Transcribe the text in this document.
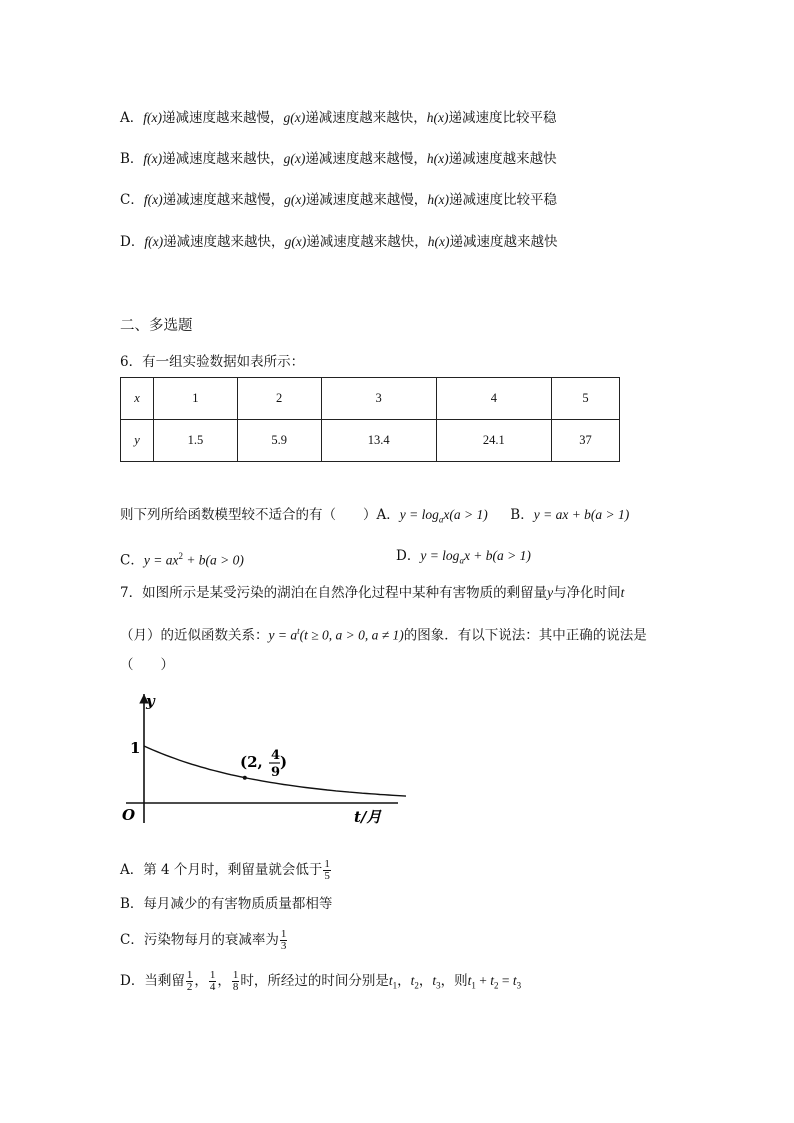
A．f(x)递减速度越来越慢，g(x)递减速度越来越快，h(x)递减速度比较平稳
B．f(x)递减速度越来越快，g(x)递减速度越来越慢，h(x)递减速度越来越快
C．f(x)递减速度越来越慢，g(x)递减速度越来越慢，h(x)递减速度比较平稳
D．f(x)递减速度越来越快，g(x)递减速度越来越快，h(x)递减速度越来越快
二、多选题
6．有一组实验数据如表所示：
x	1	2	3	4	5
y	1.5	5.9	13.4	24.1	37
则下列所给函数模型较不适合的有（　　）A．$y = \log_ax(a > 1)$ B．y = ax + b(a > 1)
C．$y = ax^2 + b(a > 0)$	D．$y = \log_ax + b(a > 1)$
7．如图所示是某受污染的湖泊在自然净化过程中某种有害物质的剩留量y与净化时间t
（月）的近似函数关系：$y = a^t(t \ge 0$, a > 0, a ≠ 1)的图象．有以下说法：其中正确的说法是
（　　）
y
1
O	t/月
(2, 4
9
)
A．第 4 个月时，剩留量就会低于 $\frac{1}{5}$
B．每月减少的有害物质质量都相等
C．污染物每月的衰减率为 $\frac{1}{3}$
D．当剩留 $\frac{1}{2}$ ， $\frac{1}{4}$ ， $\frac{1}{8}$ 时，所经过的时间分别是$t_1$，$t_2$，$t_3$，则$t_1 + t_2 = t_3$
